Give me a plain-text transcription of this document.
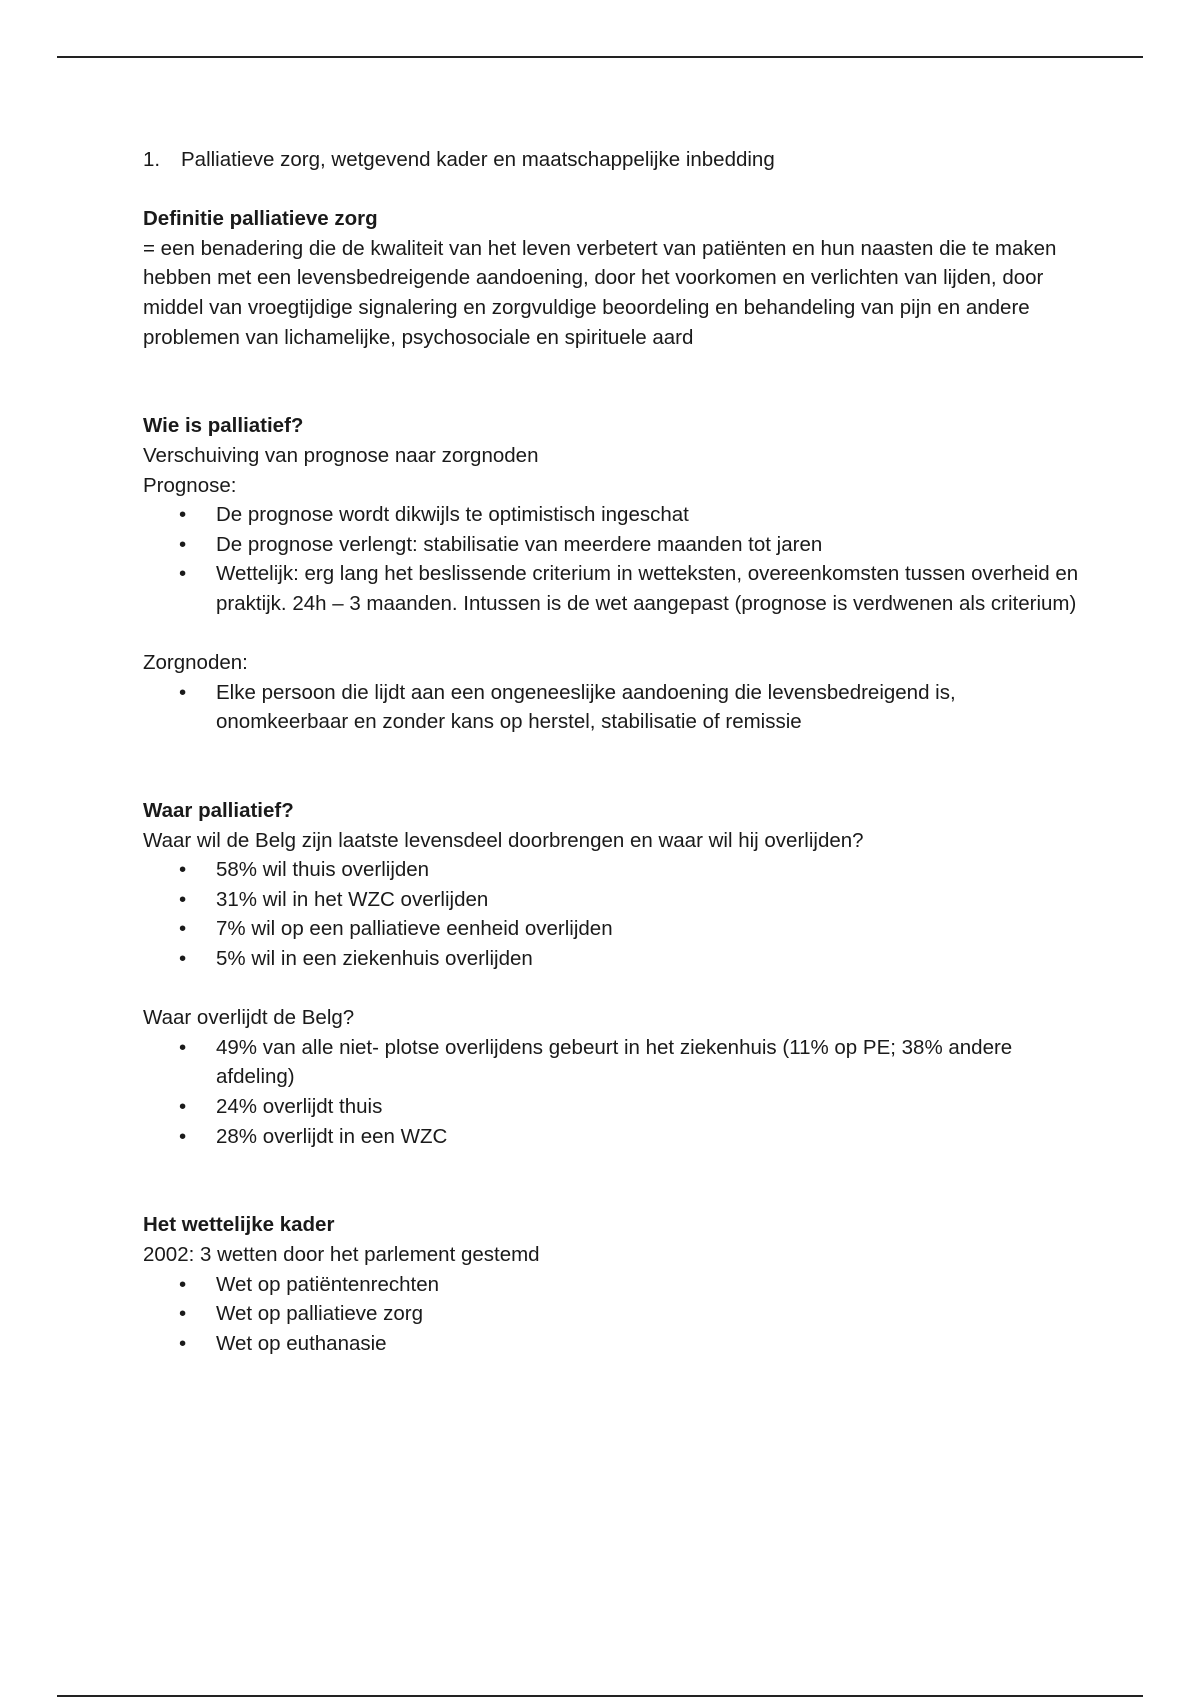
1.	Palliatieve zorg, wetgevend kader en maatschappelijke inbedding
Definitie palliatieve zorg
= een benadering die de kwaliteit van het leven verbetert van patiënten en hun naasten die te maken hebben met een levensbedreigende aandoening, door het voorkomen en verlichten van lijden, door middel van vroegtijdige signalering en zorgvuldige beoordeling en behandeling van pijn en andere problemen van lichamelijke, psychosociale en spirituele aard
Wie is palliatief?
Verschuiving van prognose naar zorgnoden
Prognose:
• De prognose wordt dikwijls te optimistisch ingeschat
• De prognose verlengt: stabilisatie van meerdere maanden tot jaren
• Wettelijk: erg lang het beslissende criterium in wetteksten, overeenkomsten tussen overheid en praktijk. 24h – 3 maanden. Intussen is de wet aangepast (prognose is verdwenen als criterium)
Zorgnoden:
• Elke persoon die lijdt aan een ongeneeslijke aandoening die levensbedreigend is, onomkeerbaar en zonder kans op herstel, stabilisatie of remissie
Waar palliatief?
Waar wil de Belg zijn laatste levensdeel doorbrengen en waar wil hij overlijden?
• 58% wil thuis overlijden
• 31% wil in het WZC overlijden
• 7% wil op een palliatieve eenheid overlijden
• 5% wil in een ziekenhuis overlijden
Waar overlijdt de Belg?
• 49% van alle niet- plotse overlijdens gebeurt in het ziekenhuis (11% op PE; 38% andere afdeling)
• 24% overlijdt thuis
• 28% overlijdt in een WZC
Het wettelijke kader
2002: 3 wetten door het parlement gestemd
• Wet op patiëntenrechten
• Wet op palliatieve zorg
• Wet op euthanasie
